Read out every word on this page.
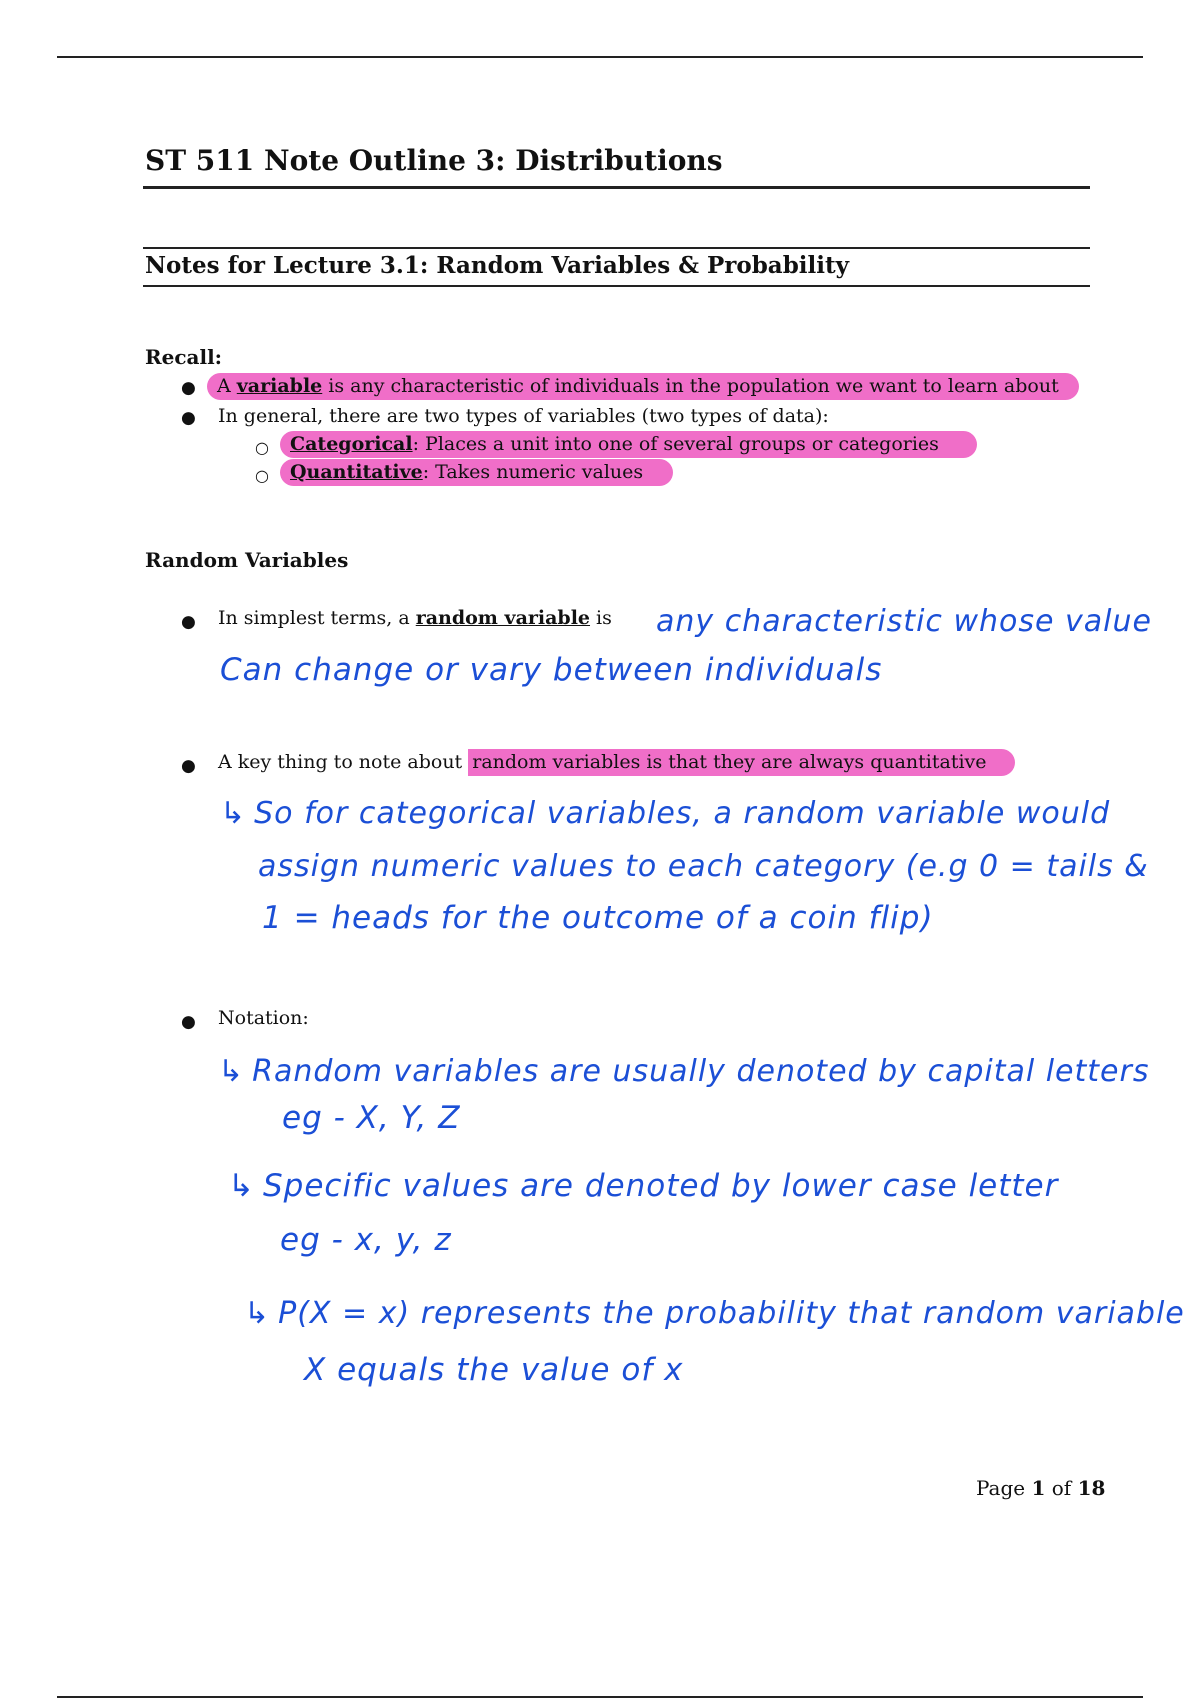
ST 511 Note Outline 3: Distributions
Notes for Lecture 3.1: Random Variables & Probability
Recall:
●	A variable is any characteristic of individuals in the population we want to learn about
● In general, there are two types of variables (two types of data):
○	Categorical: Places a unit into one of several groups or categories
○	Quantitative: Takes numeric values
Random Variables
● In simplest terms, a random variable is any characteristic whose value
Can change or vary between individuals
● A key thing to note about random variables is that they are always quantitative
↳ So for categorical variables, a random variable would
assign numeric values to each category (e.g 0 = tails &
1 = heads for the outcome of a coin flip)
● Notation:
↳ Random variables are usually denoted by capital letters
eg - X, Y, Z
↳ Specific values are denoted by lower case letter
eg - x, y, z
↳ P(X = x) represents the probability that random variable
X equals the value of x
Page 1 of 18
